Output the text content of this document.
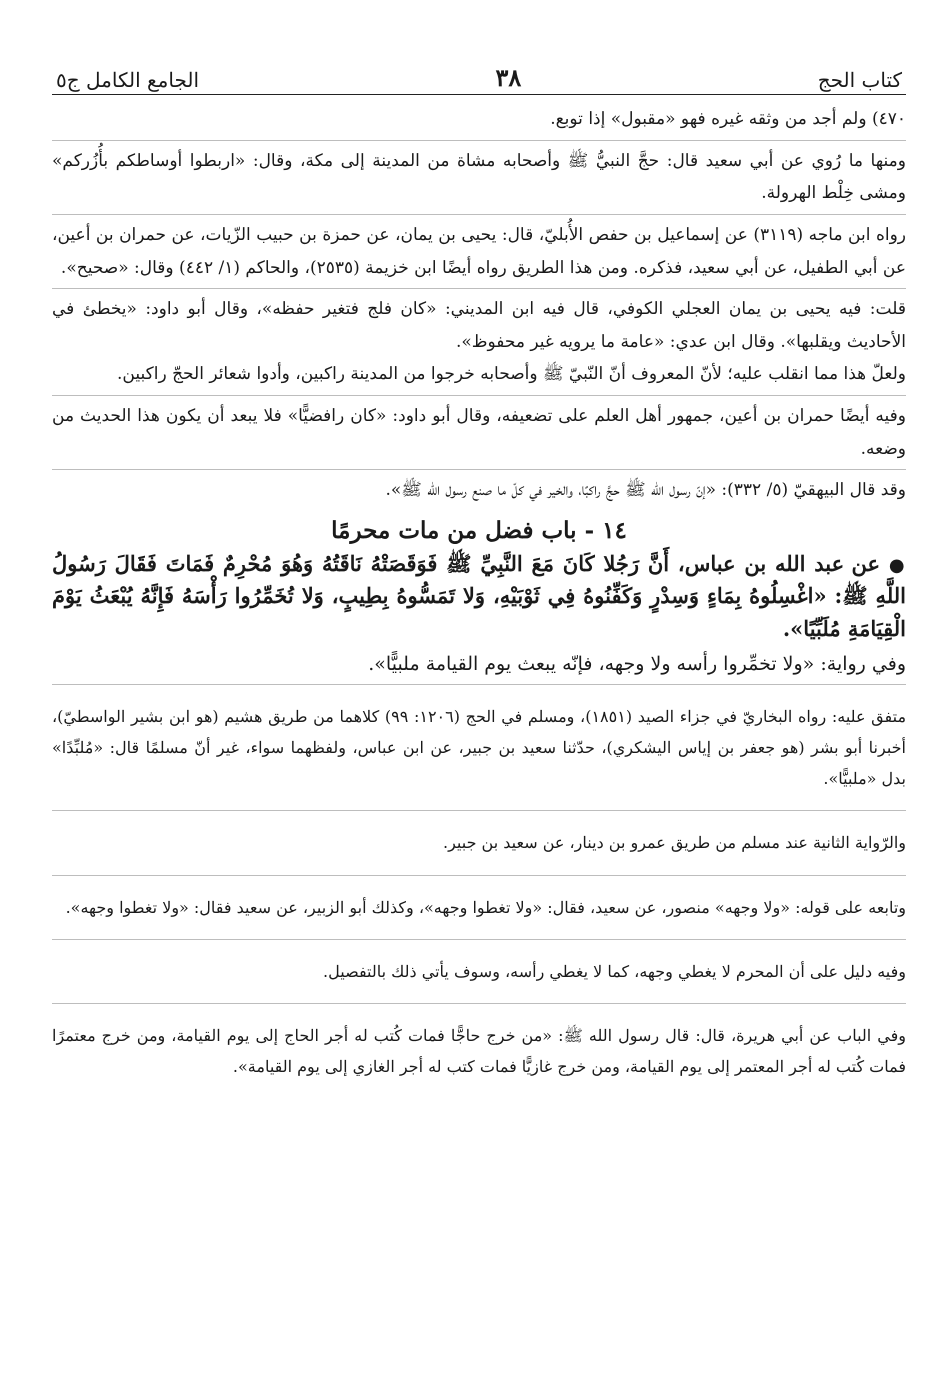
كتاب الحج
٣٨
الجامع الكامل ج٥

٤٧٠) ولم أجد من وثقه غيره فهو «مقبول» إذا توبع.

ومنها ما رُوي عن أبي سعيد قال: حجَّ النبيُّ ﷺ وأصحابه مشاة من المدينة إلى مكة، وقال: «اربطوا أوساطكم بأُزُركم» ومشى خِلْط الهرولة.

رواه ابن ماجه (٣١١٩) عن إسماعيل بن حفص الأُبليّ، قال: يحيى بن يمان، عن حمزة بن حبيب الزّيات، عن حمران بن أعين، عن أبي الطفيل، عن أبي سعيد، فذكره. ومن هذا الطريق رواه أيضًا ابن خزيمة (٢٥٣٥)، والحاكم (١/ ٤٤٢) وقال: «صحيح».

قلت: فيه يحيى بن يمان العجلي الكوفي، قال فيه ابن المديني: «كان فلج فتغير حفظه»، وقال أبو داود: «يخطئ في الأحاديث ويقلبها». وقال ابن عدي: «عامة ما يرويه غير محفوظ».

ولعلّ هذا مما انقلب عليه؛ لأنّ المعروف أنّ النّبيّ ﷺ وأصحابه خرجوا من المدينة راكبين، وأدوا شعائر الحجّ راكبين.

وفيه أيضًا حمران بن أعين، جمهور أهل العلم على تضعيفه، وقال أبو داود: «كان رافضيًّا» فلا يبعد أن يكون هذا الحديث من وضعه.

وقد قال البيهقيّ (٥/ ٣٣٢): «إنّ رسول الله ﷺ حجَّ راكبًا، والخير في كلّ ما صنع رسول الله ﷺ».

١٤ - باب فضل من مات محرمًا
● عن عبد الله بن عباس، أَنَّ رَجُلا كَانَ مَعَ النَّبِيِّ ﷺ فَوَقَصَتْهُ نَاقَتُهُ وَهُوَ مُحْرِمٌ فَمَاتَ فَقَالَ رَسُولُ اللَّهِ ﷺ: «اغْسِلُوهُ بِمَاءٍ وَسِدْرٍ وَكَفِّنُوهُ فِي ثَوْبَيْهِ، وَلا تَمَسُّوهُ بِطِيبٍ، وَلا تُخَمِّرُوا رَأْسَهُ فَإِنَّهُ يُبْعَثُ يَوْمَ الْقِيَامَةِ مُلَبِّيًا».
وفي رواية: «ولا تخمِّروا رأسه ولا وجهه، فإنّه يبعث يوم القيامة ملبيًّا».

متفق عليه: رواه البخاريّ في جزاء الصيد (١٨٥١)، ومسلم في الحج (١٢٠٦: ٩٩) كلاهما من طريق هشيم (هو ابن بشير الواسطيّ)، أخبرنا أبو بشر (هو جعفر بن إياس اليشكري)، حدّثنا سعيد بن جبير، عن ابن عباس، ولفظهما سواء، غير أنّ مسلمًا قال: «مُلبِّدًا» بدل «ملبيًّا».

والرّواية الثانية عند مسلم من طريق عمرو بن دينار، عن سعيد بن جبير.

وتابعه على قوله: «ولا وجهه» منصور، عن سعيد، فقال: «ولا تغطوا وجهه»، وكذلك أبو الزبير، عن سعيد فقال: «ولا تغطوا وجهه».

وفيه دليل على أن المحرم لا يغطي وجهه، كما لا يغطي رأسه، وسوف يأتي ذلك بالتفصيل.

وفي الباب عن أبي هريرة، قال: قال رسول الله ﷺ: «من خرج حاجًّا فمات كُتب له أجر الحاج إلى يوم القيامة، ومن خرج معتمرًا فمات كُتب له أجر المعتمر إلى يوم القيامة، ومن خرج غازيًّا فمات كتب له أجر الغازي إلى يوم القيامة».
